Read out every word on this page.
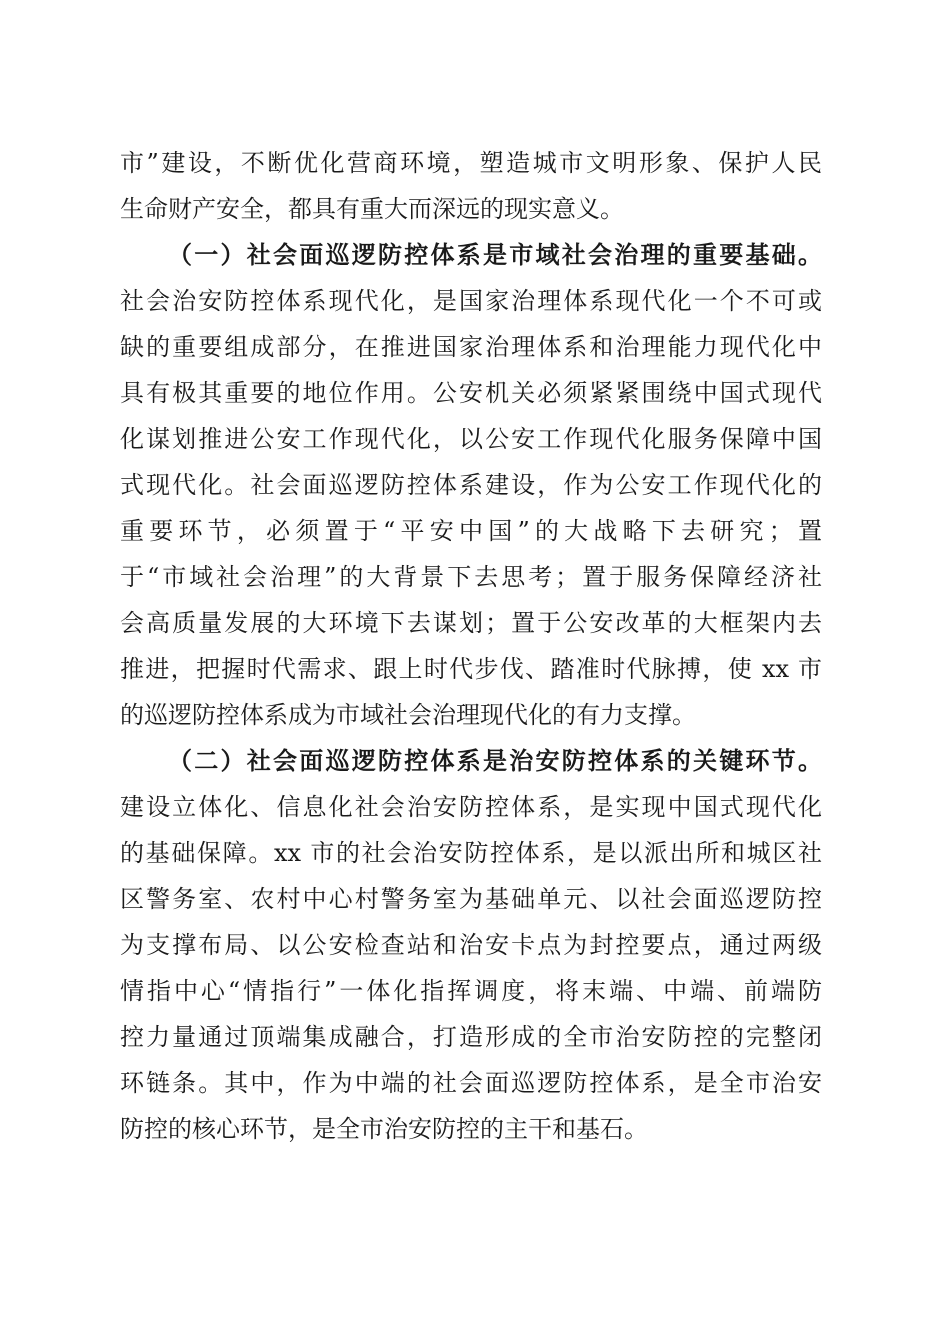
市”建设，不断优化营商环境，塑造城市文明形象、保护人民
生命财产安全，都具有重大而深远的现实意义。
（一）社会面巡逻防控体系是市域社会治理的重要基础。
社会治安防控体系现代化，是国家治理体系现代化一个不可或
缺的重要组成部分，在推进国家治理体系和治理能力现代化中
具有极其重要的地位作用。公安机关必须紧紧围绕中国式现代
化谋划推进公安工作现代化，以公安工作现代化服务保障中国
式现代化。社会面巡逻防控体系建设，作为公安工作现代化的
重要环节，必须置于“平安中国”的大战略下去研究；置
于“市域社会治理”的大背景下去思考；置于服务保障经济社
会高质量发展的大环境下去谋划；置于公安改革的大框架内去
推进，把握时代需求、跟上时代步伐、踏准时代脉搏，使 xx 市
的巡逻防控体系成为市域社会治理现代化的有力支撑。
（二）社会面巡逻防控体系是治安防控体系的关键环节。
建设立体化、信息化社会治安防控体系，是实现中国式现代化
的基础保障。xx 市的社会治安防控体系，是以派出所和城区社
区警务室、农村中心村警务室为基础单元、以社会面巡逻防控
为支撑布局、以公安检查站和治安卡点为封控要点，通过两级
情指中心“情指行”一体化指挥调度，将末端、中端、前端防
控力量通过顶端集成融合，打造形成的全市治安防控的完整闭
环链条。其中，作为中端的社会面巡逻防控体系，是全市治安
防控的核心环节，是全市治安防控的主干和基石。
